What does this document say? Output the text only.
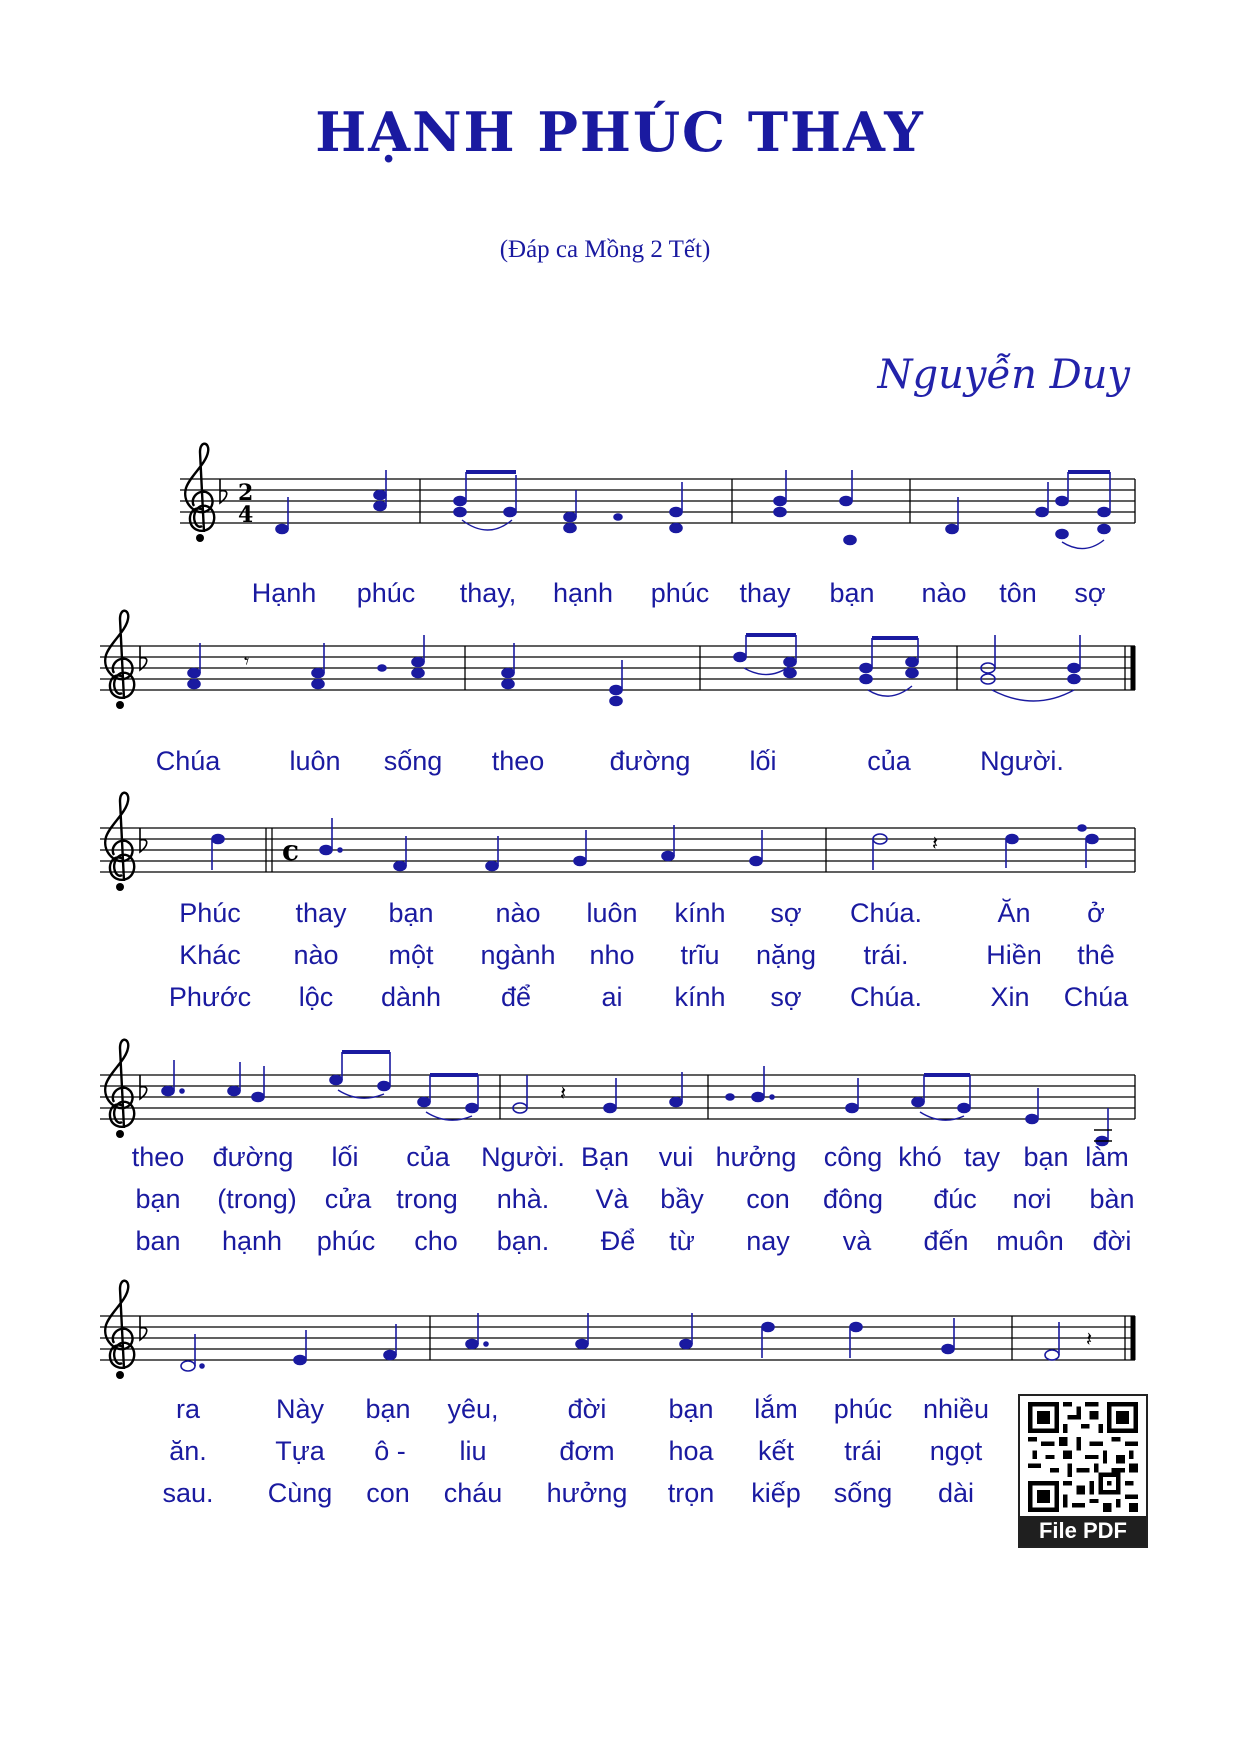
HẠNH PHÚC THAY
(Đáp ca Mồng 2 Tết)
Nguyễn Duy
2
4
𝄾
c	𝄽
𝄽
𝄽
Hạnh phúc thay, hạnh phúc thay bạn nào tôn sợ
Chúa	luôn sống theo đường lối	của	Người.
Phúc thay bạn nào luôn kính sợ Chúa.	Ăn ở
Khác nào một ngành nho trĩu nặng trái.	Hiền thê
Phước lộc dành để	ai kính sợ Chúa.	Xin Chúa
theo đường lối của Người. Bạn vui hưởng công khó tay bạn làm
bạn (trong) cửa trong nhà. Và bầy con đông đúc nơi bàn
ban hạnh phúc cho bạn. Để từ nay và đến muôn đời
ra	Này bạn yêu,	đời bạn lắm phúc nhiều
ăn.	Tựa ô - liu	đơm hoa kết trái ngọt
sau. Cùng con cháu hưởng trọn kiếp sống dài
File PDF
